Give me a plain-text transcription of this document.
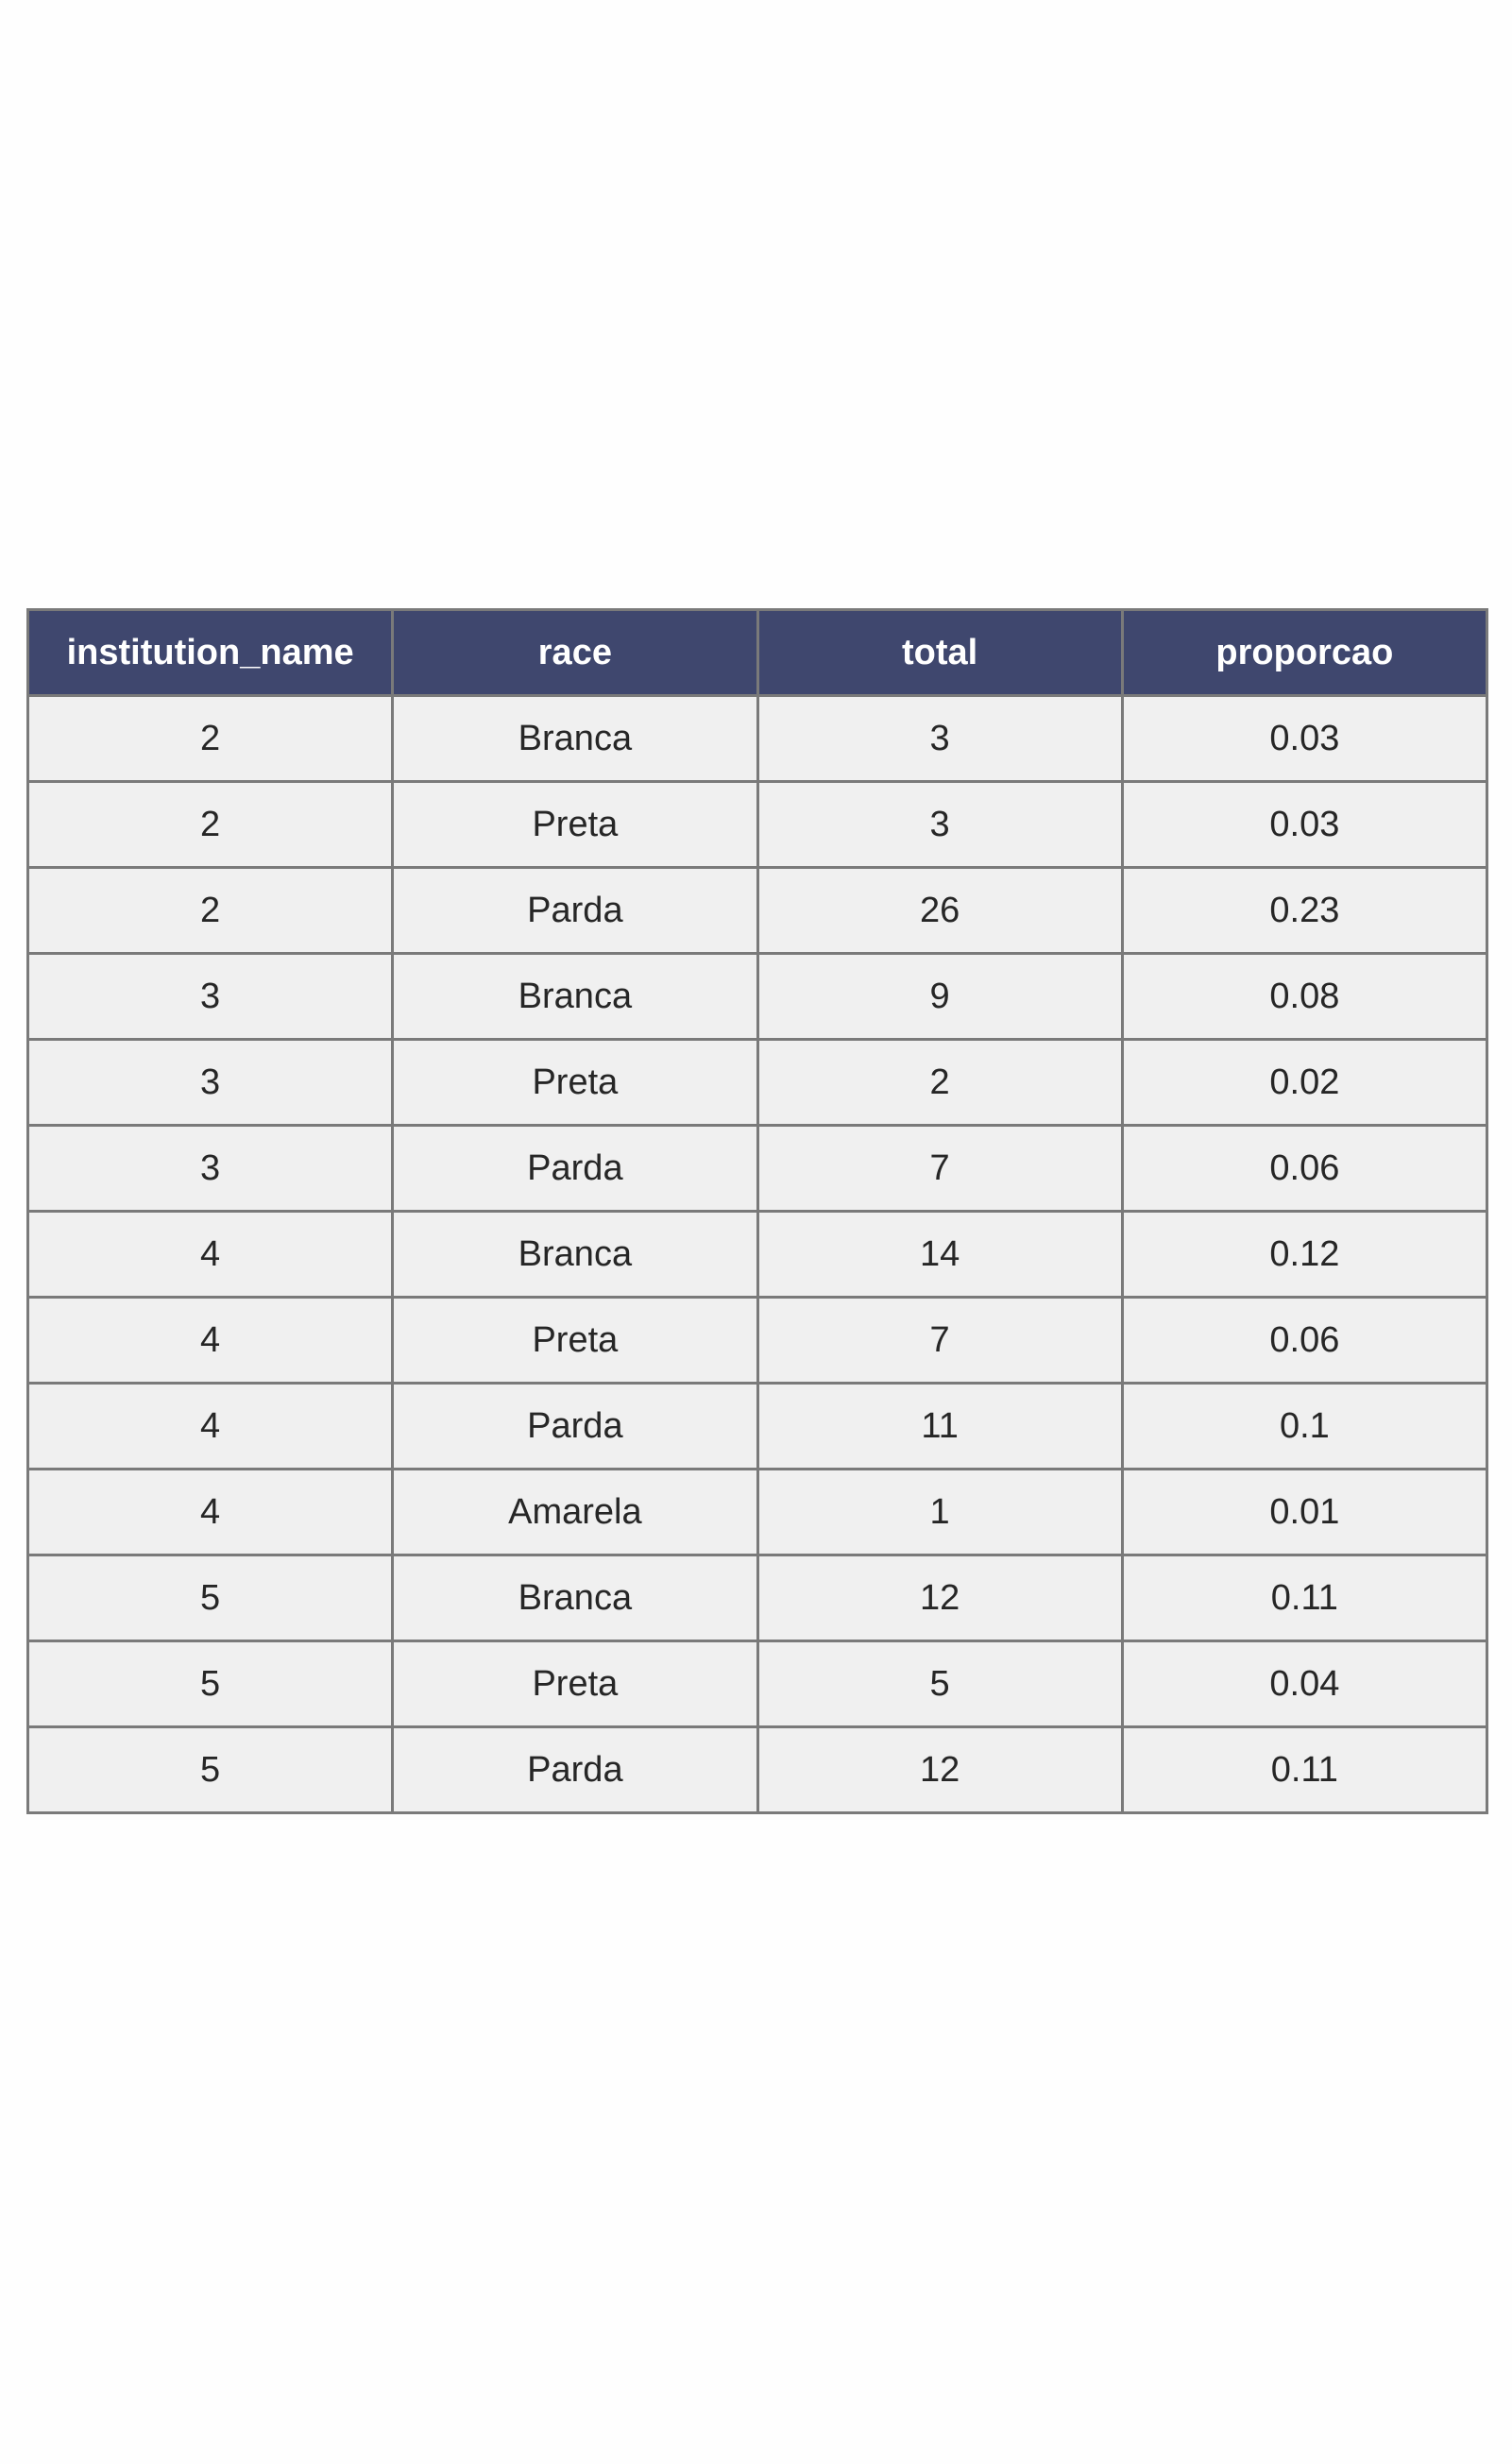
institution_name	race	total	proporcao
2	Branca	3	0.03
2	Preta	3	0.03
2	Parda	26	0.23
3	Branca	9	0.08
3	Preta	2	0.02
3	Parda	7	0.06
4	Branca	14	0.12
4	Preta	7	0.06
4	Parda	11	0.1
4	Amarela	1	0.01
5	Branca	12	0.11
5	Preta	5	0.04
5	Parda	12	0.11
